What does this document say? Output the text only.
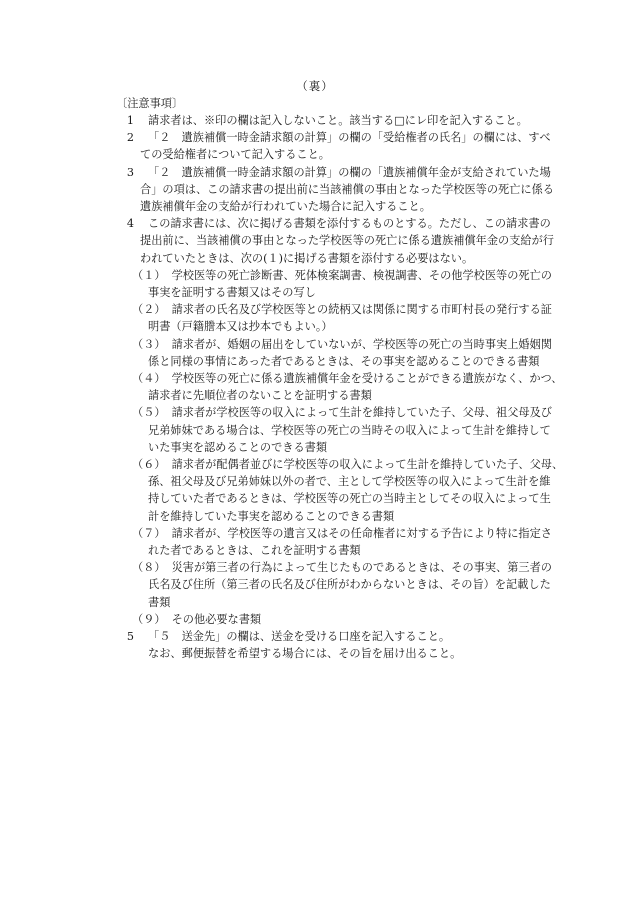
（裏）
〔注意事項〕
1 請求者は、※印の欄は記入しないこと。該当する□にレ印を記入すること。
2 「２　遺族補償一時金請求額の計算」の欄の「受給権者の氏名」の欄には、すべ
ての受給権者について記入すること。
3 「２　遺族補償一時金請求額の計算」の欄の「遺族補償年金が支給されていた場
合」の項は、この請求書の提出前に当該補償の事由となった学校医等の死亡に係る
遺族補償年金の支給が行われていた場合に記入すること。
4 この請求書には、次に掲げる書類を添付するものとする。ただし、この請求書の
提出前に、当該補償の事由となった学校医等の死亡に係る遺族補償年金の支給が行
われていたときは、次の(１)に掲げる書類を添付する必要はない。
（１） 学校医等の死亡診断書、死体検案調書、検視調書、その他学校医等の死亡の
事実を証明する書類又はその写し
（２） 請求者の氏名及び学校医等との続柄又は関係に関する市町村長の発行する証
明書（戸籍謄本又は抄本でもよい。）
（３） 請求者が、婚姻の届出をしていないが、学校医等の死亡の当時事実上婚姻関
係と同様の事情にあった者であるときは、その事実を認めることのできる書類
（４） 学校医等の死亡に係る遺族補償年金を受けることができる遺族がなく、かつ、
請求者に先順位者のないことを証明する書類
（５） 請求者が学校医等の収入によって生計を維持していた子、父母、祖父母及び
兄弟姉妹である場合は、学校医等の死亡の当時その収入によって生計を維持して
いた事実を認めることのできる書類
（６） 請求者が配偶者並びに学校医等の収入によって生計を維持していた子、父母、
孫、祖父母及び兄弟姉妹以外の者で、主として学校医等の収入によって生計を維
持していた者であるときは、学校医等の死亡の当時主としてその収入によって生
計を維持していた事実を認めることのできる書類
（７） 請求者が、学校医等の遺言又はその任命権者に対する予告により特に指定さ
れた者であるときは、これを証明する書類
（８） 災害が第三者の行為によって生じたものであるときは、その事実、第三者の
氏名及び住所（第三者の氏名及び住所がわからないときは、その旨）を記載した
書類
（９） その他必要な書類
5 「５　送金先」の欄は、送金を受ける口座を記入すること。
なお、郵便振替を希望する場合には、その旨を届け出ること。
